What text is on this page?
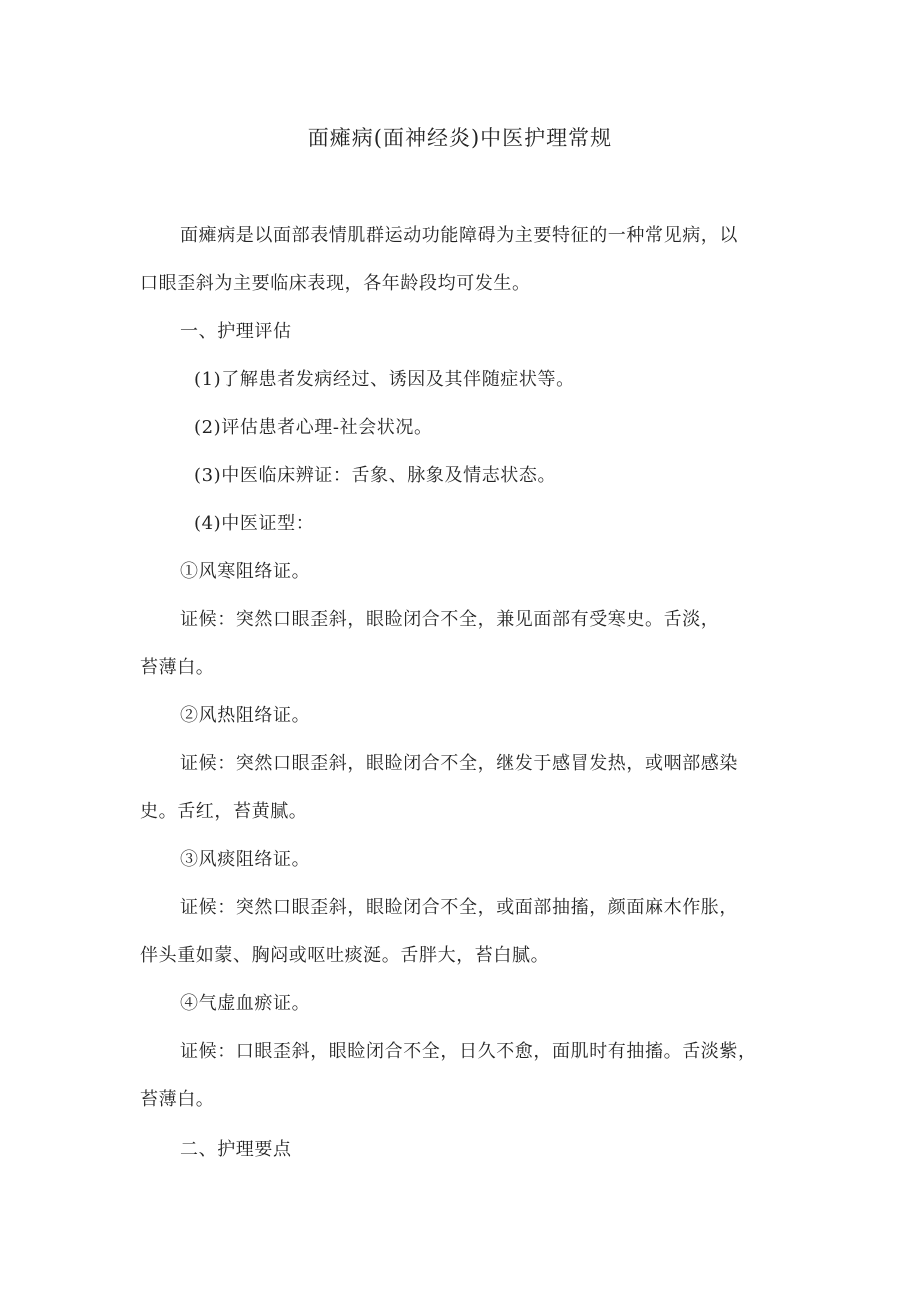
面瘫病(面神经炎)中医护理常规

面瘫病是以面部表情肌群运动功能障碍为主要特征的一种常见病，以

口眼歪斜为主要临床表现，各年龄段均可发生。

一、护理评估

(1)了解患者发病经过、诱因及其伴随症状等。

(2)评估患者心理-社会状况。

(3)中医临床辨证：舌象、脉象及情志状态。

(4)中医证型：

①风寒阻络证。

证候：突然口眼歪斜，眼睑闭合不全，兼见面部有受寒史。舌淡，

苔薄白。

②风热阻络证。

证候：突然口眼歪斜，眼睑闭合不全，继发于感冒发热，或咽部感染

史。舌红，苔黄腻。

③风痰阻络证。

证候：突然口眼歪斜，眼睑闭合不全，或面部抽搐，颜面麻木作胀，

伴头重如蒙、胸闷或呕吐痰涎。舌胖大，苔白腻。

④气虚血瘀证。

证候：口眼歪斜，眼睑闭合不全，日久不愈，面肌时有抽搐。舌淡紫，

苔薄白。

二、护理要点
